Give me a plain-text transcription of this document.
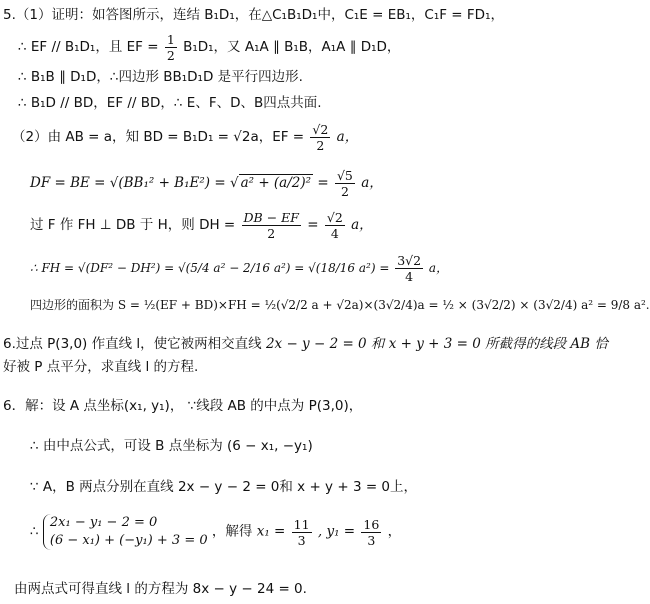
5.（1）证明：如答图所示，连结 B₁D₁，在△C₁B₁D₁中，C₁E = EB₁，C₁F = FD₁，
∴ EF // B₁D₁，且 EF = $\frac{1}{2} B_1D_1$，又 A₁A ∥ B₁B，A₁A ∥ D₁D，
∴ B₁B ∥ D₁D，∴四边形 BB₁D₁D 是平行四边形.
∴ B₁D // BD，EF // BD，∴ E、F、D、B四点共面.
（2）由 AB = a，知 BD = B₁D₁ = √2a，EF = $\frac{√2}{2}$ a，
DF = BE = √(BB₁² + B₁E²) = √ $a^2 + (a/2)^2 = \frac{√5}{2}$ a，
过 F 作 FH ⊥ DB 于 H，则 DH = $\frac{DB - EF}{2} = \frac{√2}{4}$ a，
∴ FH = √(DF² − DH²) = √(5/4 a² − 2/16 a²) = √(18/16 $a^2) = \frac{3√2}{4}$ a，
四边形的面积为 S = ½(EF + BD)×FH = ½(√2/2 a + √2a)×(3√2/4)a = ½ × (3√2/2) × (3√2/4) a² = 9/8 a².
6.过点 P(3,0) 作直线 l，使它被两相交直线 2x − y − 2 = 0 和 x + y + 3 = 0 所截得的线段 AB 恰
好被 P 点平分，求直线 l 的方程.
6．解：设 A 点坐标(x₁, y₁)， ∵线段 AB 的中点为 P(3,0)，
∴ 由中点公式，可设 B 点坐标为 (6 − x₁, −y₁)
∵ A，B 两点分别在直线 2x − y − 2 = 0和 x + y + 3 = 0上，
∴
2x₁ − y₁ − 2 = 0
(6 − x₁) + (−y₁) + 3 = 0
，解得 $x_1 = \frac{11}{3}$ , $y_1 = \frac{16}{3}$ ，
由两点式可得直线 l 的方程为 8x − y − 24 = 0.
